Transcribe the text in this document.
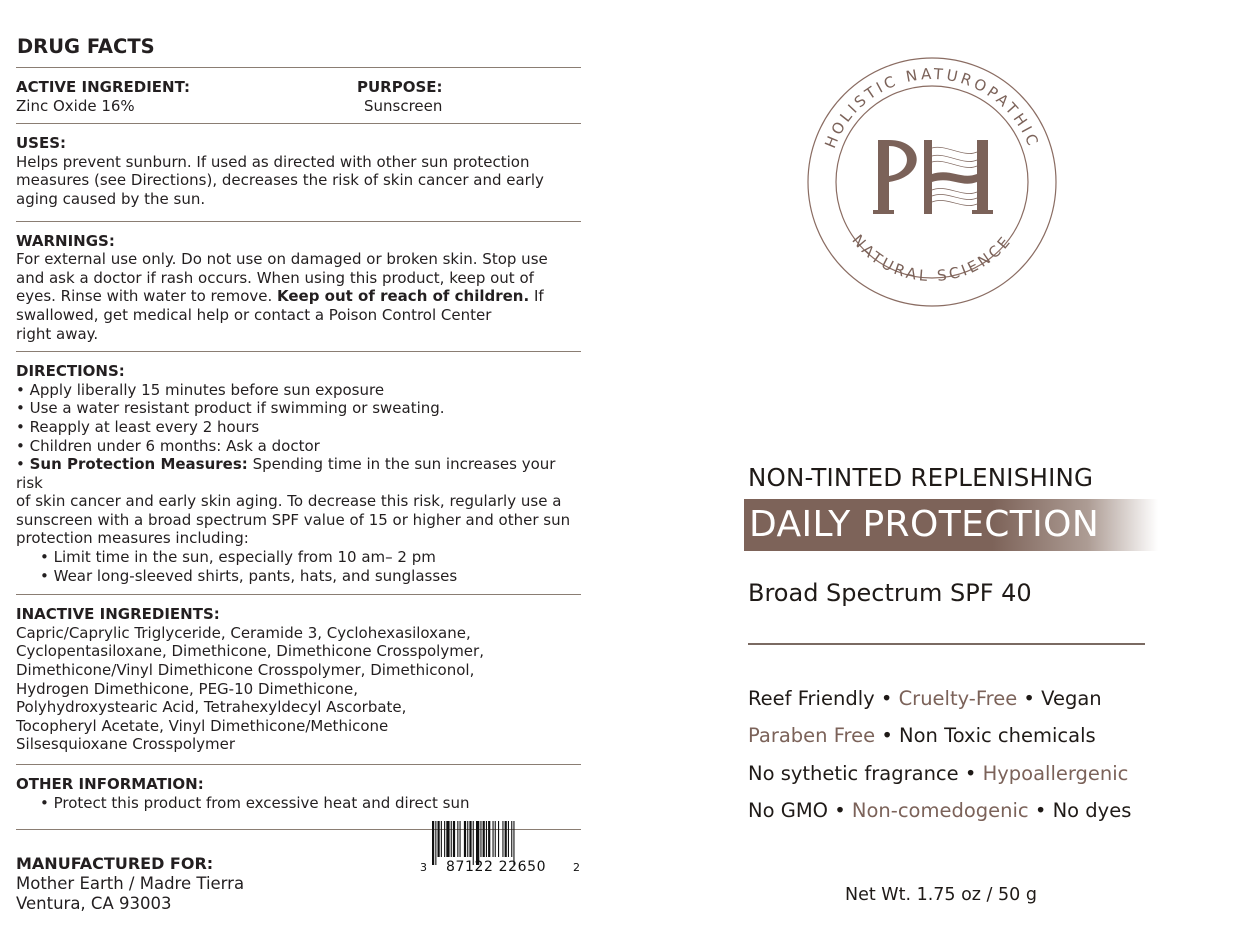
DRUG FACTS
ACTIVE INGREDIENT:
Zinc Oxide 16%
PURPOSE:
Sunscreen
USES:
Helps prevent sunburn. If used as directed with other sun protection
measures (see Directions), decreases the risk of skin cancer and early
aging caused by the sun.
WARNINGS:
For external use only. Do not use on damaged or broken skin. Stop use
and ask a doctor if rash occurs. When using this product, keep out of
eyes. Rinse with water to remove. Keep out of reach of children. If
swallowed, get medical help or contact a Poison Control Center
right away.
DIRECTIONS:
• Apply liberally 15 minutes before sun exposure
• Use a water resistant product if swimming or sweating.
• Reapply at least every 2 hours
• Children under 6 months: Ask a doctor
• Sun Protection Measures: Spending time in the sun increases your risk
of skin cancer and early skin aging. To decrease this risk, regularly use a
sunscreen with a broad spectrum SPF value of 15 or higher and other sun
protection measures including:
• Limit time in the sun, especially from 10 am– 2 pm
• Wear long-sleeved shirts, pants, hats, and sunglasses
INACTIVE INGREDIENTS:
Capric/Caprylic Triglyceride, Ceramide 3, Cyclohexasiloxane,
Cyclopentasiloxane, Dimethicone, Dimethicone Crosspolymer,
Dimethicone/Vinyl Dimethicone Crosspolymer, Dimethiconol,
Hydrogen Dimethicone, PEG-10 Dimethicone,
Polyhydroxystearic Acid, Tetrahexyldecyl Ascorbate,
Tocopheryl Acetate, Vinyl Dimethicone/Methicone
Silsesquioxane Crosspolymer
OTHER INFORMATION:
• Protect this product from excessive heat and direct sun
MANUFACTURED FOR:
Mother Earth / Madre Tierra
Ventura, CA 93003
3 87122 22650 2
HOLISTIC NATUROPATHIC
NATURAL SCIENCE
NON-TINTED REPLENISHING
DAILY PROTECTION
Broad Spectrum SPF 40
Reef Friendly • Cruelty-Free • Vegan
Paraben Free • Non Toxic chemicals
No sythetic fragrance • Hypoallergenic
No GMO • Non-comedogenic • No dyes
Net Wt. 1.75 oz / 50 g
